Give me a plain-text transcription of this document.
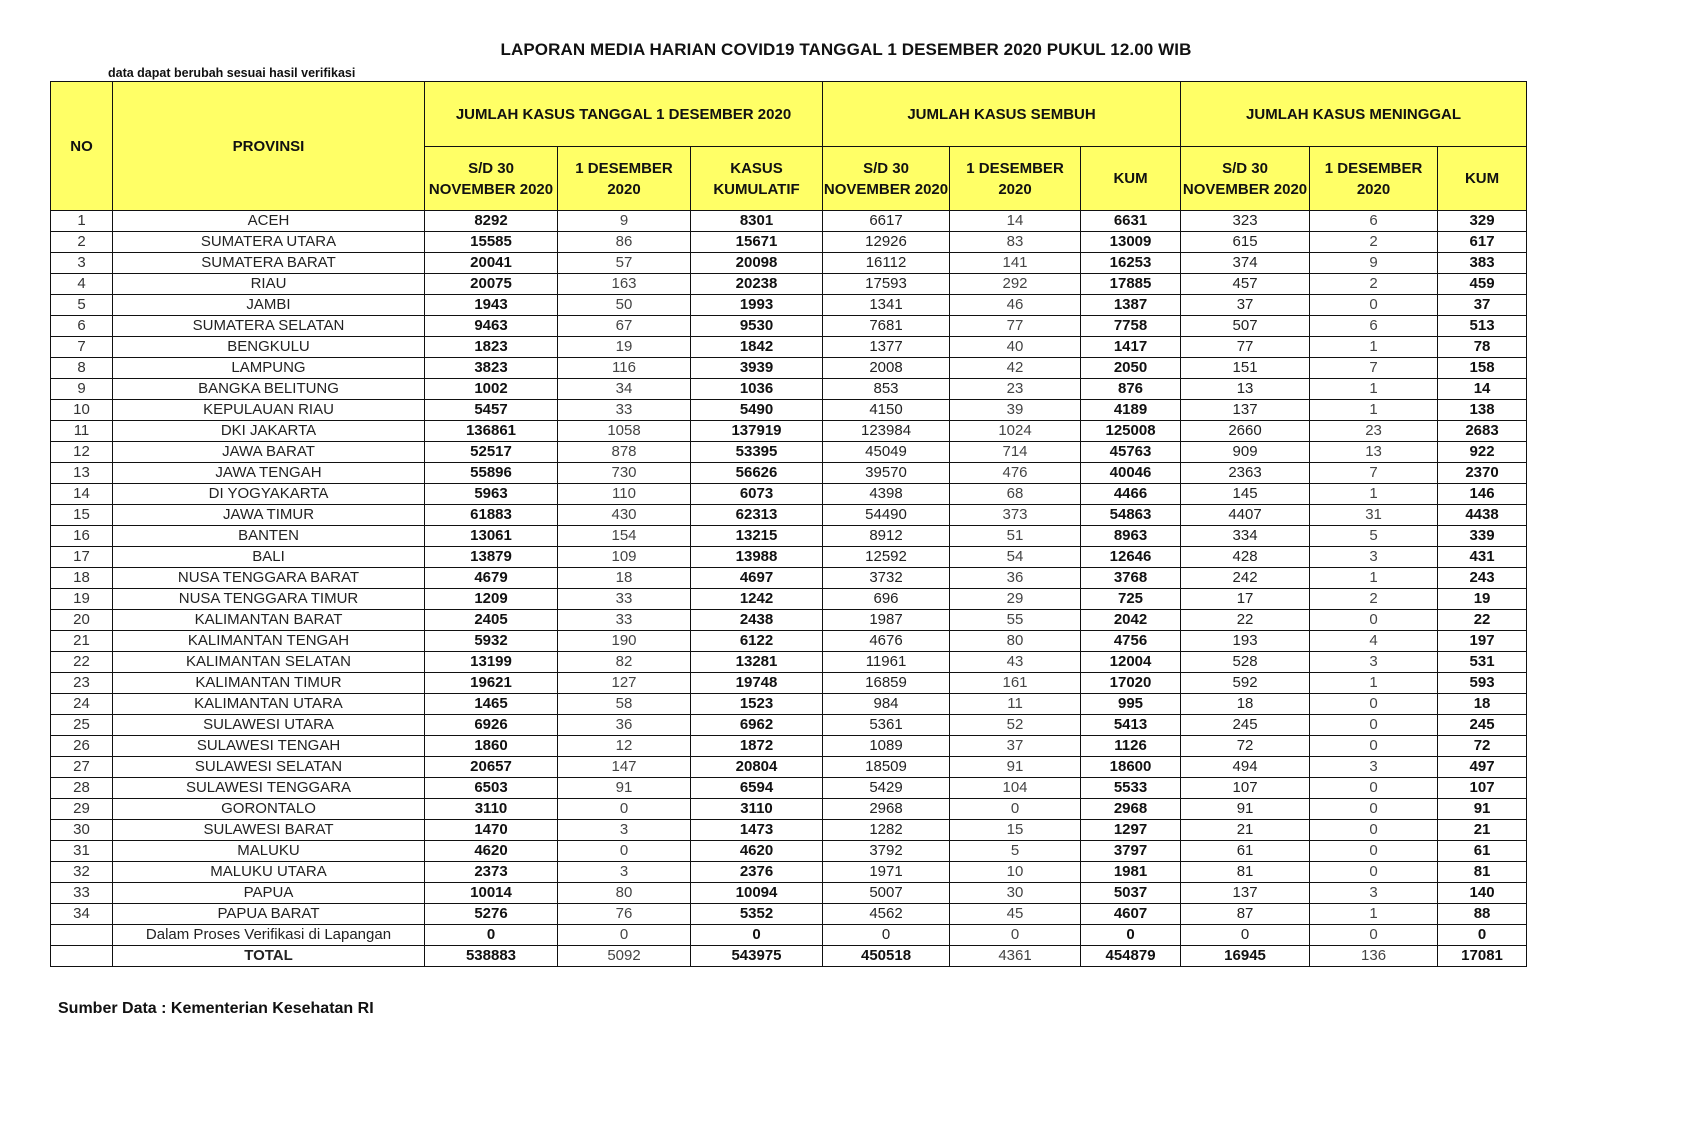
LAPORAN MEDIA HARIAN COVID19 TANGGAL 1 DESEMBER 2020 PUKUL 12.00 WIB
data dapat berubah sesuai hasil verifikasi
NO	PROVINSI	JUMLAH KASUS TANGGAL 1 DESEMBER 2020			JUMLAH KASUS SEMBUH			JUMLAH KASUS MENINGGAL		
		S/D 30 NOVEMBER 2020	1 DESEMBER 2020	KASUS KUMULATIF	S/D 30 NOVEMBER 2020	1 DESEMBER 2020	KUM	S/D 30 NOVEMBER 2020	1 DESEMBER 2020	KUM
1	ACEH	8292	9	8301	6617	14	6631	323	6	329
2	SUMATERA UTARA	15585	86	15671	12926	83	13009	615	2	617
3	SUMATERA BARAT	20041	57	20098	16112	141	16253	374	9	383
4	RIAU	20075	163	20238	17593	292	17885	457	2	459
5	JAMBI	1943	50	1993	1341	46	1387	37	0	37
6	SUMATERA SELATAN	9463	67	9530	7681	77	7758	507	6	513
7	BENGKULU	1823	19	1842	1377	40	1417	77	1	78
8	LAMPUNG	3823	116	3939	2008	42	2050	151	7	158
9	BANGKA BELITUNG	1002	34	1036	853	23	876	13	1	14
10	KEPULAUAN RIAU	5457	33	5490	4150	39	4189	137	1	138
11	DKI JAKARTA	136861	1058	137919	123984	1024	125008	2660	23	2683
12	JAWA BARAT	52517	878	53395	45049	714	45763	909	13	922
13	JAWA TENGAH	55896	730	56626	39570	476	40046	2363	7	2370
14	DI YOGYAKARTA	5963	110	6073	4398	68	4466	145	1	146
15	JAWA TIMUR	61883	430	62313	54490	373	54863	4407	31	4438
16	BANTEN	13061	154	13215	8912	51	8963	334	5	339
17	BALI	13879	109	13988	12592	54	12646	428	3	431
18	NUSA TENGGARA BARAT	4679	18	4697	3732	36	3768	242	1	243
19	NUSA TENGGARA TIMUR	1209	33	1242	696	29	725	17	2	19
20	KALIMANTAN BARAT	2405	33	2438	1987	55	2042	22	0	22
21	KALIMANTAN TENGAH	5932	190	6122	4676	80	4756	193	4	197
22	KALIMANTAN SELATAN	13199	82	13281	11961	43	12004	528	3	531
23	KALIMANTAN TIMUR	19621	127	19748	16859	161	17020	592	1	593
24	KALIMANTAN UTARA	1465	58	1523	984	11	995	18	0	18
25	SULAWESI UTARA	6926	36	6962	5361	52	5413	245	0	245
26	SULAWESI TENGAH	1860	12	1872	1089	37	1126	72	0	72
27	SULAWESI SELATAN	20657	147	20804	18509	91	18600	494	3	497
28	SULAWESI TENGGARA	6503	91	6594	5429	104	5533	107	0	107
29	GORONTALO	3110	0	3110	2968	0	2968	91	0	91
30	SULAWESI BARAT	1470	3	1473	1282	15	1297	21	0	21
31	MALUKU	4620	0	4620	3792	5	3797	61	0	61
32	MALUKU UTARA	2373	3	2376	1971	10	1981	81	0	81
33	PAPUA	10014	80	10094	5007	30	5037	137	3	140
34	PAPUA BARAT	5276	76	5352	4562	45	4607	87	1	88
	Dalam Proses Verifikasi di Lapangan	0	0	0	0	0	0	0	0	0
	TOTAL	538883	5092	543975	450518	4361	454879	16945	136	17081
Sumber Data : Kementerian Kesehatan RI
